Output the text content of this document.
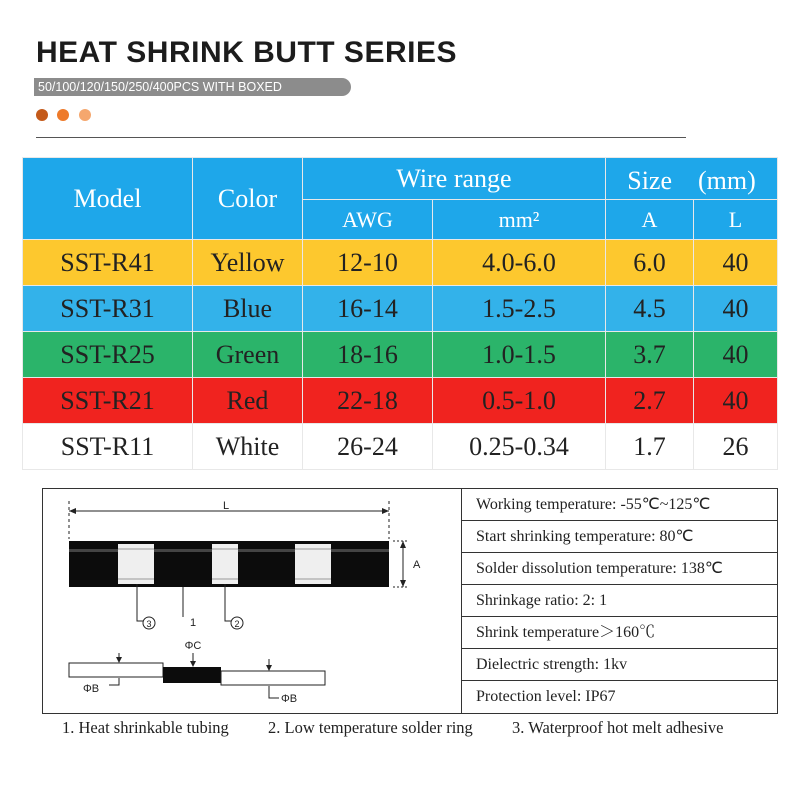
HEAT SHRINK BUTT SERIES
50/100/120/150/250/400PCS WITH BOXED
Model	Color	Wire range		Size　(mm)	
		AWG	mm²	A	L
SST-R41	Yellow	12-10	4.0-6.0	6.0	40
SST-R31	Blue	16-14	1.5-2.5	4.5	40
SST-R25	Green	18-16	1.0-1.5	3.7	40
SST-R21	Red	22-18	0.5-1.0	2.7	40
SST-R11	White	26-24	0.25-0.34	1.7	26
L
A
3	1	2
ΦC
ΦB
ΦB
Working temperature: -55℃~125℃
Start shrinking temperature: 80℃
Solder dissolution temperature: 138℃
Shrinkage ratio: 2: 1
Shrink temperature＞160℃
Dielectric strength: 1kv
Protection level: IP67
1. Heat shrinkable tubing 2. Low temperature solder ring 3. Waterproof hot melt adhesive
